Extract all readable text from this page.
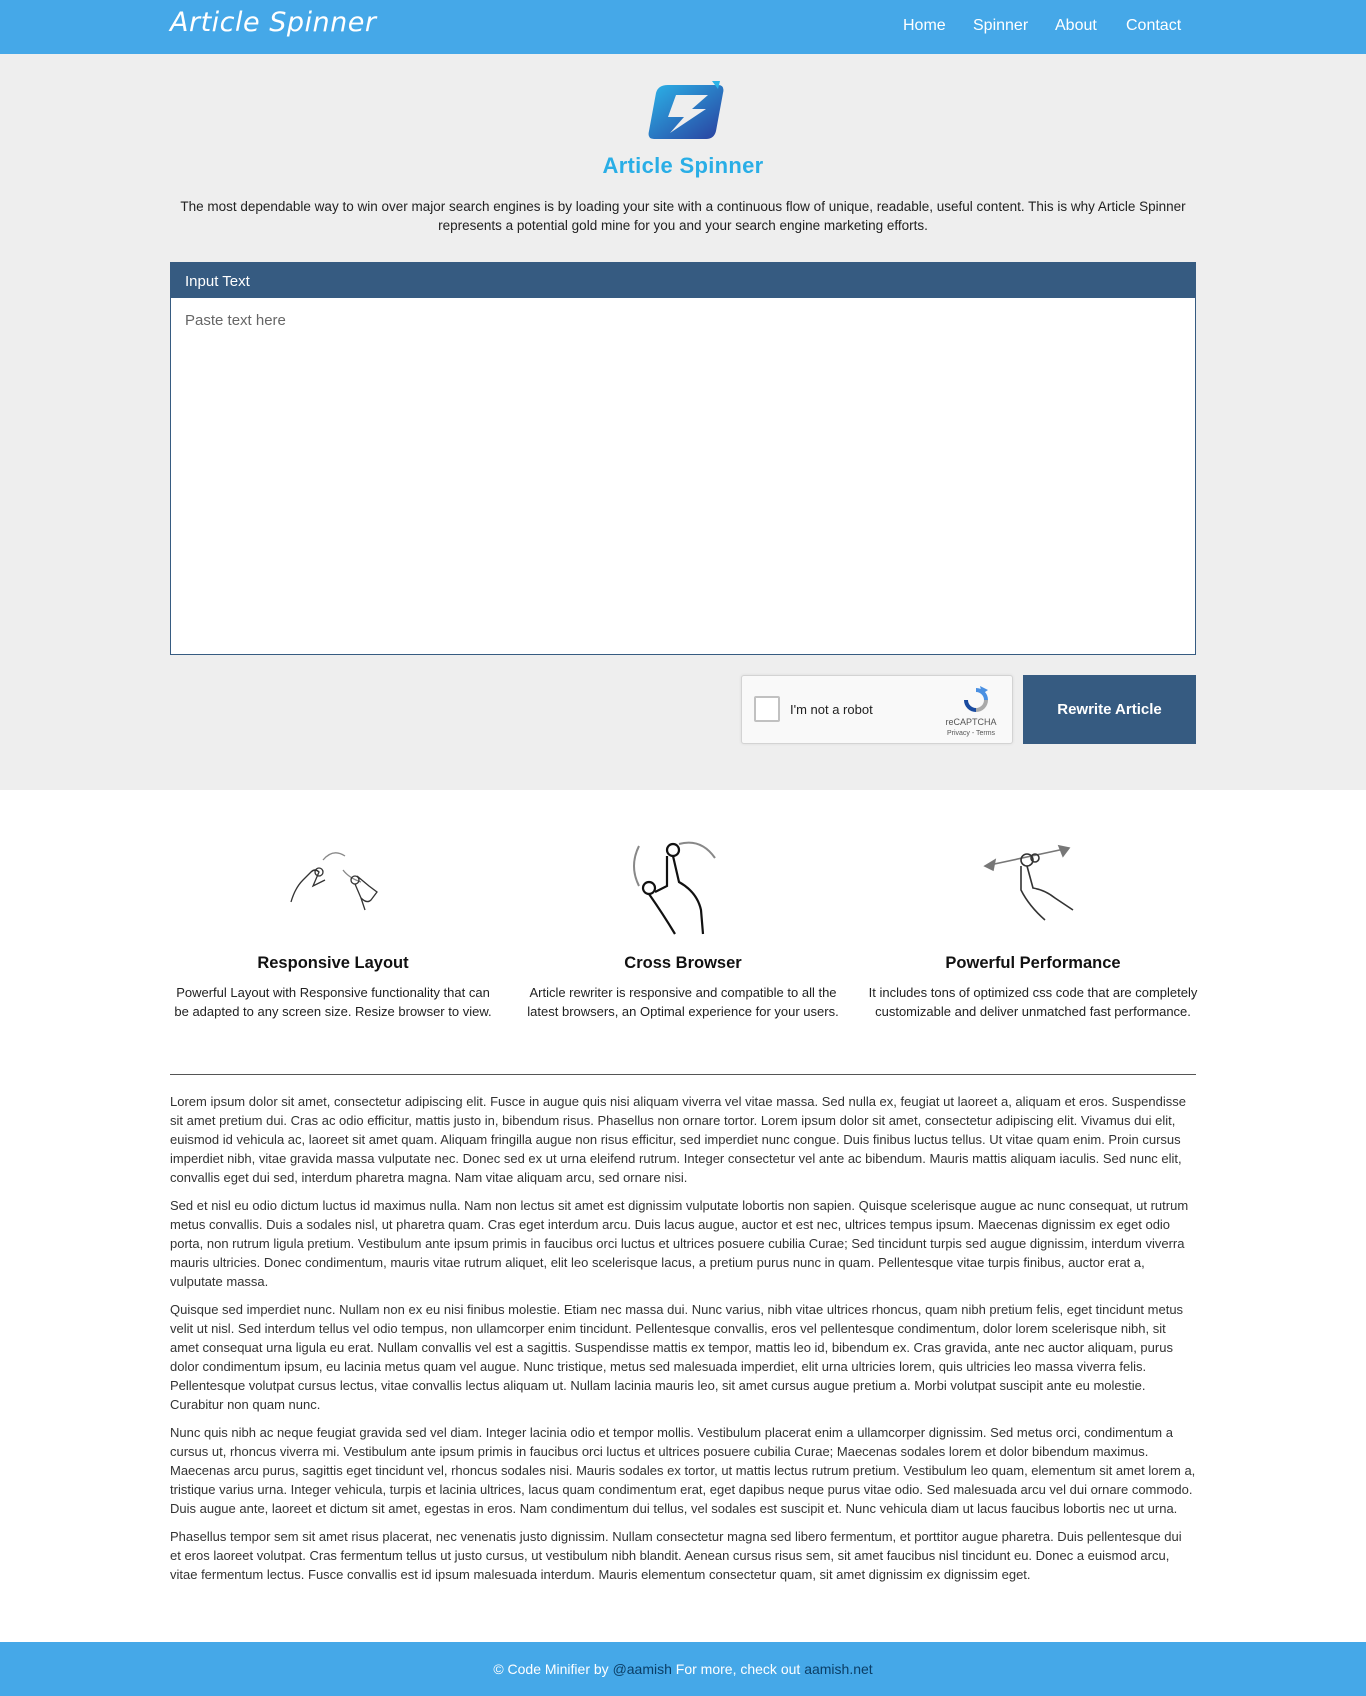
Article Spinner	Home Spinner About Contact
Article Spinner

The most dependable way to win over major search engines is by loading your site with a continuous flow of unique, readable, useful content. This is why Article Spinner represents a potential gold mine for you and your search engine marketing efforts.

Input Text
Paste text here
I'm not a robot
reCAPTCHA
Privacy - Terms
Rewrite Article
Responsive Layout

Powerful Layout with Responsive functionality that can be adapted to any screen size. Resize browser to view.

Cross Browser

Article rewriter is responsive and compatible to all the latest browsers, an Optimal experience for your users.

Powerful Performance

It includes tons of optimized css code that are completely customizable and deliver unmatched fast performance.

Lorem ipsum dolor sit amet, consectetur adipiscing elit. Fusce in augue quis nisi aliquam viverra vel vitae massa. Sed nulla ex, feugiat ut laoreet a, aliquam et eros. Suspendisse sit amet pretium dui. Cras ac odio efficitur, mattis justo in, bibendum risus. Phasellus non ornare tortor. Lorem ipsum dolor sit amet, consectetur adipiscing elit. Vivamus dui elit, euismod id vehicula ac, laoreet sit amet quam. Aliquam fringilla augue non risus efficitur, sed imperdiet nunc congue. Duis finibus luctus tellus. Ut vitae quam enim. Proin cursus imperdiet nibh, vitae gravida massa vulputate nec. Donec sed ex ut urna eleifend rutrum. Integer consectetur vel ante ac bibendum. Mauris mattis aliquam iaculis. Sed nunc elit, convallis eget dui sed, interdum pharetra magna. Nam vitae aliquam arcu, sed ornare nisi.

Sed et nisl eu odio dictum luctus id maximus nulla. Nam non lectus sit amet est dignissim vulputate lobortis non sapien. Quisque scelerisque augue ac nunc consequat, ut rutrum metus convallis. Duis a sodales nisl, ut pharetra quam. Cras eget interdum arcu. Duis lacus augue, auctor et est nec, ultrices tempus ipsum. Maecenas dignissim ex eget odio porta, non rutrum ligula pretium. Vestibulum ante ipsum primis in faucibus orci luctus et ultrices posuere cubilia Curae; Sed tincidunt turpis sed augue dignissim, interdum viverra mauris ultricies. Donec condimentum, mauris vitae rutrum aliquet, elit leo scelerisque lacus, a pretium purus nunc in quam. Pellentesque vitae turpis finibus, auctor erat a, vulputate massa.

Quisque sed imperdiet nunc. Nullam non ex eu nisi finibus molestie. Etiam nec massa dui. Nunc varius, nibh vitae ultrices rhoncus, quam nibh pretium felis, eget tincidunt metus velit ut nisl. Sed interdum tellus vel odio tempus, non ullamcorper enim tincidunt. Pellentesque convallis, eros vel pellentesque condimentum, dolor lorem scelerisque nibh, sit amet consequat urna ligula eu erat. Nullam convallis vel est a sagittis. Suspendisse mattis ex tempor, mattis leo id, bibendum ex. Cras gravida, ante nec auctor aliquam, purus dolor condimentum ipsum, eu lacinia metus quam vel augue. Nunc tristique, metus sed malesuada imperdiet, elit urna ultricies lorem, quis ultricies leo massa viverra felis. Pellentesque volutpat cursus lectus, vitae convallis lectus aliquam ut. Nullam lacinia mauris leo, sit amet cursus augue pretium a. Morbi volutpat suscipit ante eu molestie. Curabitur non quam nunc.

Nunc quis nibh ac neque feugiat gravida sed vel diam. Integer lacinia odio et tempor mollis. Vestibulum placerat enim a ullamcorper dignissim. Sed metus orci, condimentum a cursus ut, rhoncus viverra mi. Vestibulum ante ipsum primis in faucibus orci luctus et ultrices posuere cubilia Curae; Maecenas sodales lorem et dolor bibendum maximus. Maecenas arcu purus, sagittis eget tincidunt vel, rhoncus sodales nisi. Mauris sodales ex tortor, ut mattis lectus rutrum pretium. Vestibulum leo quam, elementum sit amet lorem a, tristique varius urna. Integer vehicula, turpis et lacinia ultrices, lacus quam condimentum erat, eget dapibus neque purus vitae odio. Sed malesuada arcu vel dui ornare commodo. Duis augue ante, laoreet et dictum sit amet, egestas in eros. Nam condimentum dui tellus, vel sodales est suscipit et. Nunc vehicula diam ut lacus faucibus lobortis nec ut urna.

Phasellus tempor sem sit amet risus placerat, nec venenatis justo dignissim. Nullam consectetur magna sed libero fermentum, et porttitor augue pharetra. Duis pellentesque dui et eros laoreet volutpat. Cras fermentum tellus ut justo cursus, ut vestibulum nibh blandit. Aenean cursus risus sem, sit amet faucibus nisl tincidunt eu. Donec a euismod arcu, vitae fermentum lectus. Fusce convallis est id ipsum malesuada interdum. Mauris elementum consectetur quam, sit amet dignissim ex dignissim eget.

© Code Minifier by @aamish For more, check out aamish.net
